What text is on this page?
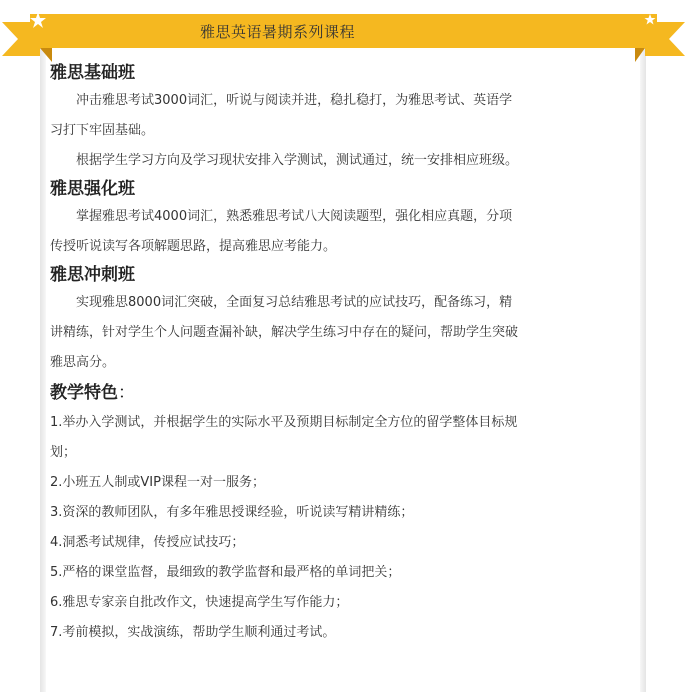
雅思英语暑期系列课程
雅思基础班

冲击雅思考试3000词汇，听说与阅读并进，稳扎稳打，为雅思考试、英语学习打下牢固基础。

根据学生学习方向及学习现状安排入学测试，测试通过，统一安排相应班级。

雅思强化班

掌握雅思考试4000词汇，熟悉雅思考试八大阅读题型，强化相应真题，分项传授听说读写各项解题思路，提高雅思应考能力。

雅思冲刺班

实现雅思8000词汇突破，全面复习总结雅思考试的应试技巧，配备练习，精讲精练，针对学生个人问题查漏补缺，解决学生练习中存在的疑问，帮助学生突破雅思高分。

教学特色：

1.举办入学测试，并根据学生的实际水平及预期目标制定全方位的留学整体目标规划；

2.小班五人制或VIP课程一对一服务；

3.资深的教师团队，有多年雅思授课经验，听说读写精讲精练；

4.洞悉考试规律，传授应试技巧；

5.严格的课堂监督，最细致的教学监督和最严格的单词把关；

6.雅思专家亲自批改作文，快速提高学生写作能力；

7.考前模拟，实战演练，帮助学生顺利通过考试。
